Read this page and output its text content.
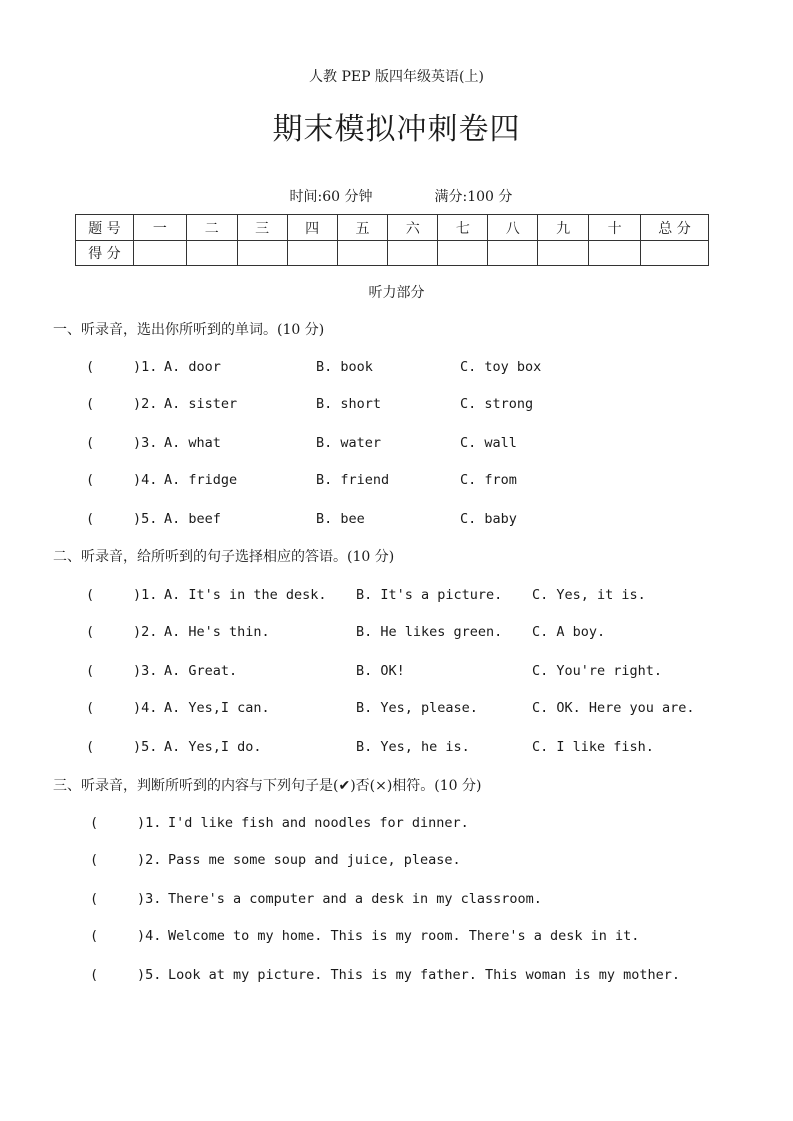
人教 PEP 版四年级英语(上)
期末模拟冲刺卷四

时间:60 分钟	满分:100 分

题 号	一	二	三	四	五	六	七	八	九	十	总 分
得 分											
听力部分
一、听录音，选出你所听到的单词。(10 分)
(	)1. A. door	B. book	C. toy box
(	)2. A. sister	B. short	C. strong
(	)3. A. what	B. water	C. wall
(	)4. A. fridge	B. friend	C. from
(	)5. A. beef	B. bee	C. baby
二、听录音，给所听到的句子选择相应的答语。(10 分)
(	)1. A. It's in the desk. B. It's a picture. C. Yes, it is.
(	)2. A. He's thin.	B. He likes green. C. A boy.
(	)3. A. Great.	B. OK!	C. You're right.
(	)4. A. Yes,I can.	B. Yes, please.	C. OK. Here you are.
(	)5. A. Yes,I do.	B. Yes, he is.	C. I like fish.
三、听录音，判断所听到的内容与下列句子是(✔)否(×)相符。(10 分)
(	)1. I'd like fish and noodles for dinner.
(	)2. Pass me some soup and juice, please.
(	)3. There's a computer and a desk in my classroom.
(	)4. Welcome to my home. This is my room. There's a desk in it.
(	)5. Look at my picture. This is my father. This woman is my mother.
